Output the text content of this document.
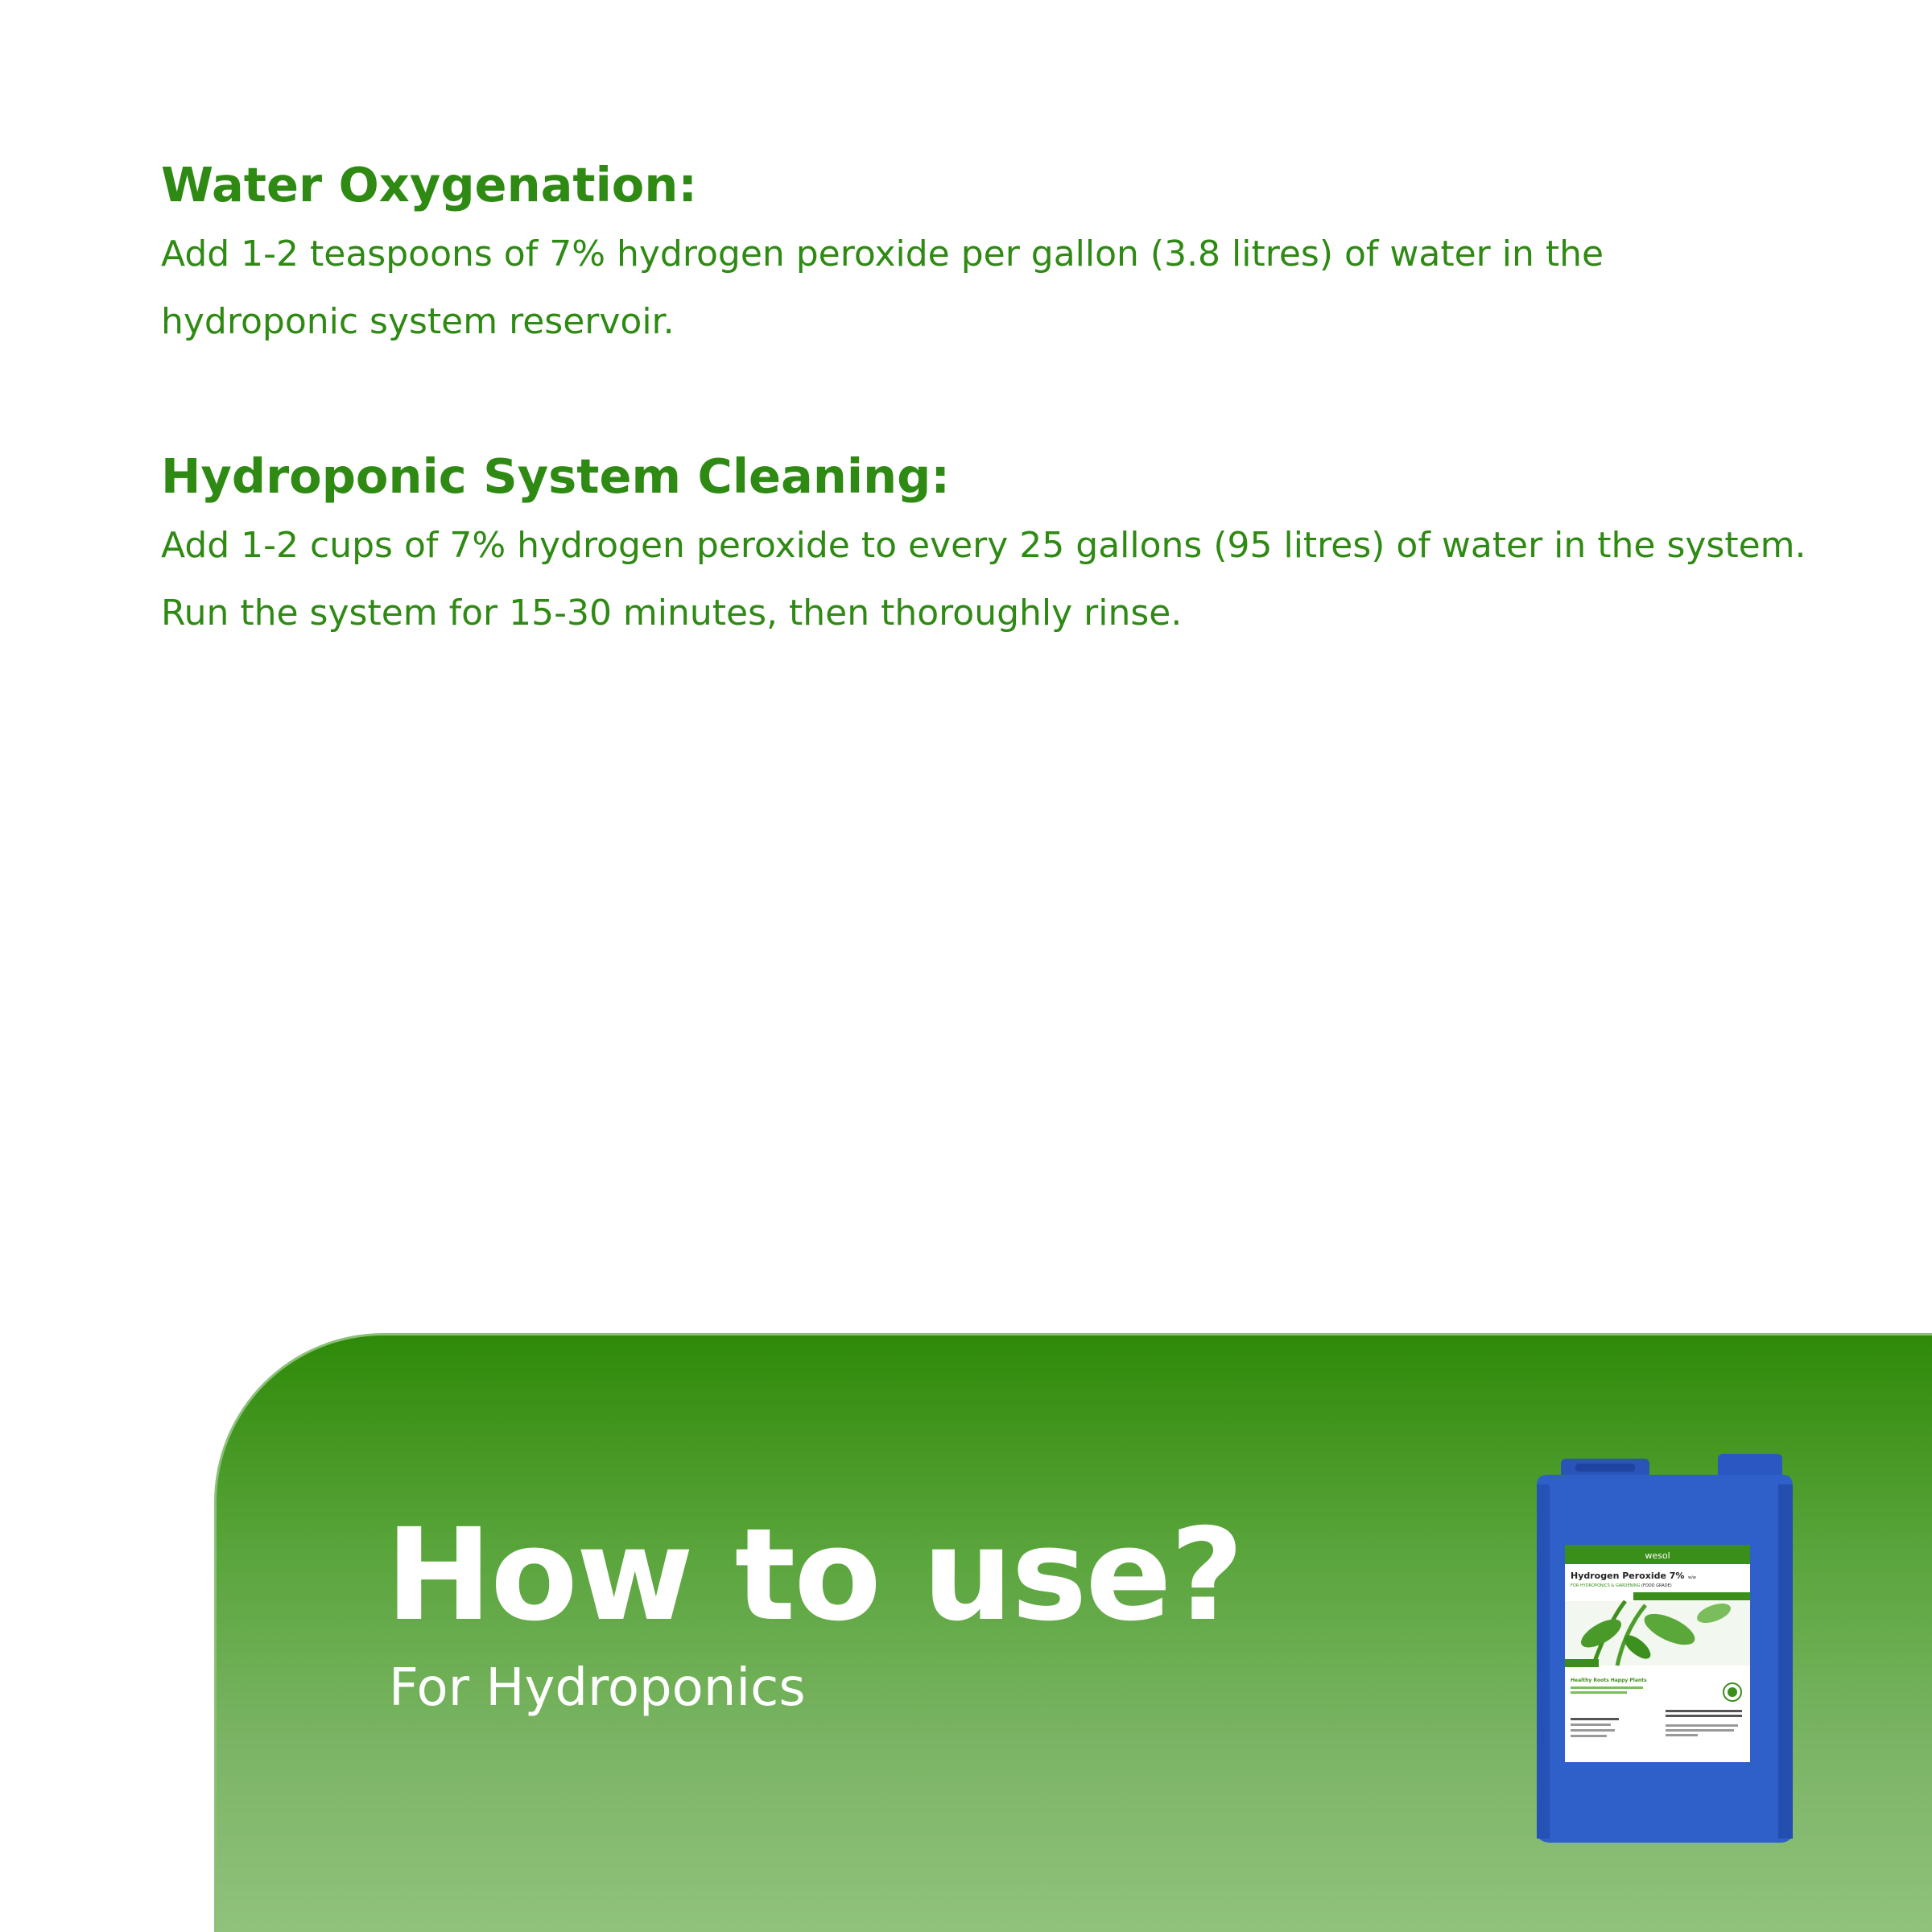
Water Oxygenation:

Add 1-2 teaspoons of 7% hydrogen peroxide per gallon (3.8 litres) of water in the hydroponic system reservoir.

Hydroponic System Cleaning:

Add 1-2 cups of 7% hydrogen peroxide to every 25 gallons (95 litres) of water in the system.

Run the system for 15-30 minutes, then thoroughly rinse.

How to use?

For Hydroponics

wesol
Hydrogen Peroxide 7% w/w
FOR HYDROPONICS & GARDENING (FOOD GRADE)
Healthy Roots Happy Plants
